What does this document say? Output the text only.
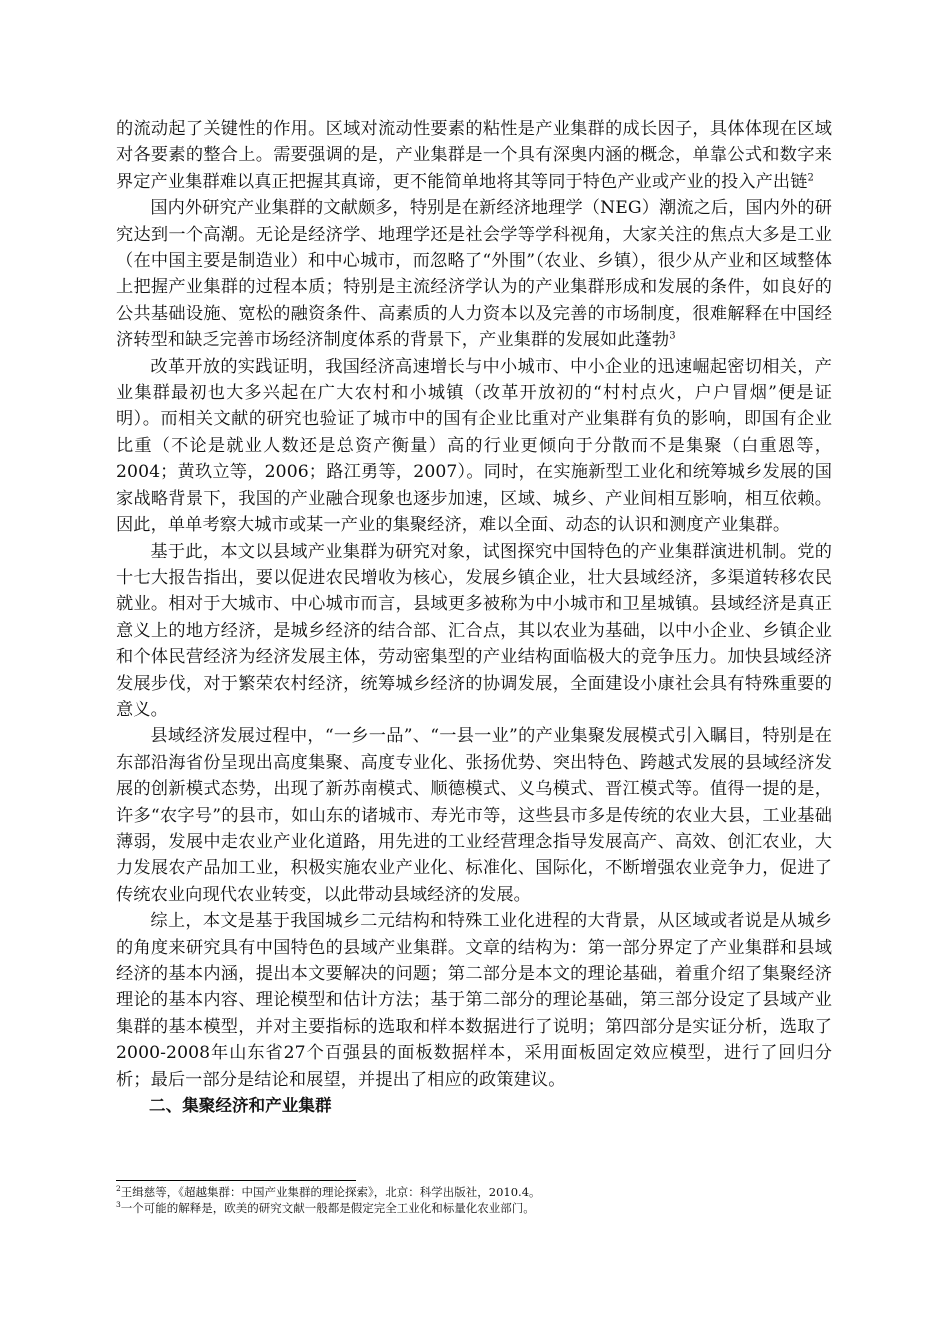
的流动起了关键性的作用。区域对流动性要素的粘性是产业集群的成长因子，具体体现在区域对各要素的整合上。需要强调的是，产业集群是一个具有深奥内涵的概念，单靠公式和数字来界定产业集群难以真正把握其真谛，更不能简单地将其等同于特色产业或产业的投入产出链$^2$

国内外研究产业集群的文献颇多，特别是在新经济地理学（NEG）潮流之后，国内外的研究达到一个高潮。无论是经济学、地理学还是社会学等学科视角，大家关注的焦点大多是工业（在中国主要是制造业）和中心城市，而忽略了“外围”（农业、乡镇），很少从产业和区域整体上把握产业集群的过程本质；特别是主流经济学认为的产业集群形成和发展的条件，如良好的公共基础设施、宽松的融资条件、高素质的人力资本以及完善的市场制度，很难解释在中国经济转型和缺乏完善市场经济制度体系的背景下，产业集群的发展如此蓬勃$^3$

改革开放的实践证明，我国经济高速增长与中小城市、中小企业的迅速崛起密切相关，产业集群最初也大多兴起在广大农村和小城镇（改革开放初的“村村点火，户户冒烟”便是证明）。而相关文献的研究也验证了城市中的国有企业比重对产业集群有负的影响，即国有企业比重（不论是就业人数还是总资产衡量）高的行业更倾向于分散而不是集聚（白重恩等，2004；黄玖立等，2006；路江勇等，2007）。同时，在实施新型工业化和统筹城乡发展的国家战略背景下，我国的产业融合现象也逐步加速，区域、城乡、产业间相互影响，相互依赖。因此，单单考察大城市或某一产业的集聚经济，难以全面、动态的认识和测度产业集群。

基于此，本文以县域产业集群为研究对象，试图探究中国特色的产业集群演进机制。党的十七大报告指出，要以促进农民增收为核心，发展乡镇企业，壮大县域经济，多渠道转移农民就业。相对于大城市、中心城市而言，县域更多被称为中小城市和卫星城镇。县域经济是真正意义上的地方经济，是城乡经济的结合部、汇合点，其以农业为基础，以中小企业、乡镇企业和个体民营经济为经济发展主体，劳动密集型的产业结构面临极大的竞争压力。加快县域经济发展步伐，对于繁荣农村经济，统筹城乡经济的协调发展，全面建设小康社会具有特殊重要的意义。

县域经济发展过程中，“一乡一品”、“一县一业”的产业集聚发展模式引入瞩目，特别是在东部沿海省份呈现出高度集聚、高度专业化、张扬优势、突出特色、跨越式发展的县域经济发展的创新模式态势，出现了新苏南模式、顺德模式、义乌模式、晋江模式等。值得一提的是，许多“农字号”的县市，如山东的诸城市、寿光市等，这些县市多是传统的农业大县，工业基础薄弱，发展中走农业产业化道路，用先进的工业经营理念指导发展高产、高效、创汇农业，大力发展农产品加工业，积极实施农业产业化、标准化、国际化，不断增强农业竞争力，促进了传统农业向现代农业转变，以此带动县域经济的发展。

综上，本文是基于我国城乡二元结构和特殊工业化进程的大背景，从区域或者说是从城乡的角度来研究具有中国特色的县域产业集群。文章的结构为：第一部分界定了产业集群和县域经济的基本内涵，提出本文要解决的问题；第二部分是本文的理论基础，着重介绍了集聚经济理论的基本内容、理论模型和估计方法；基于第二部分的理论基础，第三部分设定了县域产业集群的基本模型，并对主要指标的选取和样本数据进行了说明；第四部分是实证分析，选取了2000-2008年山东省27个百强县的面板数据样本，采用面板固定效应模型，进行了回归分析；最后一部分是结论和展望，并提出了相应的政策建议。

二、集聚经济和产业集群

$^2$王缉慈等，《超越集群：中国产业集群的理论探索》，北京：科学出版社，2010.4。

$^3$一个可能的解释是，欧美的研究文献一般都是假定完全工业化和标量化农业部门。
